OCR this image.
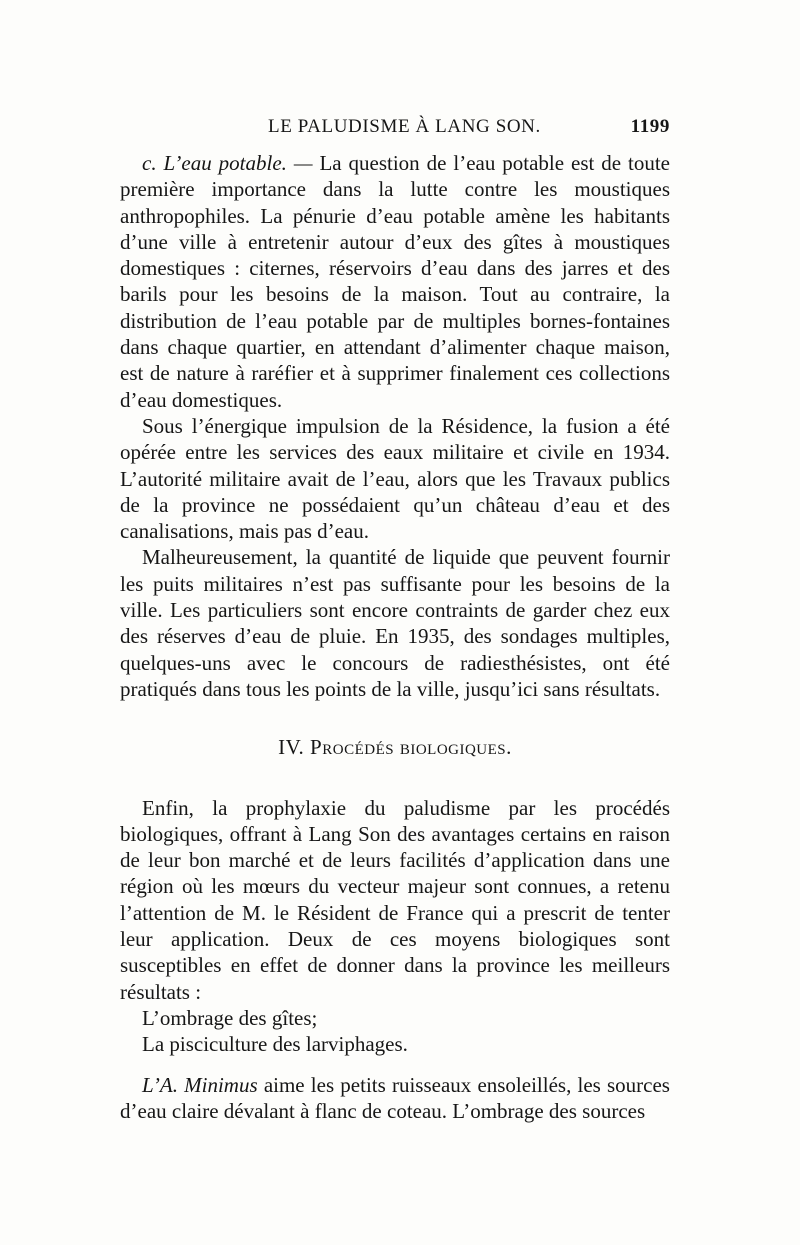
LE PALUDISME À LANG SON.	1199

c. L’eau potable. — La question de l’eau potable est de toute première importance dans la lutte contre les moustiques anthropophiles. La pénurie d’eau potable amène les habitants d’une ville à entretenir autour d’eux des gîtes à moustiques domestiques : citernes, réservoirs d’eau dans des jarres et des barils pour les besoins de la maison. Tout au contraire, la distribution de l’eau potable par de multiples bornes-fontaines dans chaque quartier, en attendant d’alimenter chaque maison, est de nature à raréfier et à supprimer finalement ces collections d’eau domestiques.

Sous l’énergique impulsion de la Résidence, la fusion a été opérée entre les services des eaux militaire et civile en 1934. L’autorité militaire avait de l’eau, alors que les Travaux publics de la province ne possédaient qu’un château d’eau et des canalisations, mais pas d’eau.

Malheureusement, la quantité de liquide que peuvent fournir les puits militaires n’est pas suffisante pour les besoins de la ville. Les particuliers sont encore contraints de garder chez eux des réserves d’eau de pluie. En 1935, des sondages multiples, quelques-uns avec le concours de radiesthésistes, ont été pratiqués dans tous les points de la ville, jusqu’ici sans résultats.

IV. Procédés biologiques.

Enfin, la prophylaxie du paludisme par les procédés biologiques, offrant à Lang Son des avantages certains en raison de leur bon marché et de leurs facilités d’application dans une région où les mœurs du vecteur majeur sont connues, a retenu l’attention de M. le Résident de France qui a prescrit de tenter leur application. Deux de ces moyens biologiques sont susceptibles en effet de donner dans la province les meilleurs résultats :

L’ombrage des gîtes;

La pisciculture des larviphages.

L’A. Minimus aime les petits ruisseaux ensoleillés, les sources d’eau claire dévalant à flanc de coteau. L’ombrage des sources
